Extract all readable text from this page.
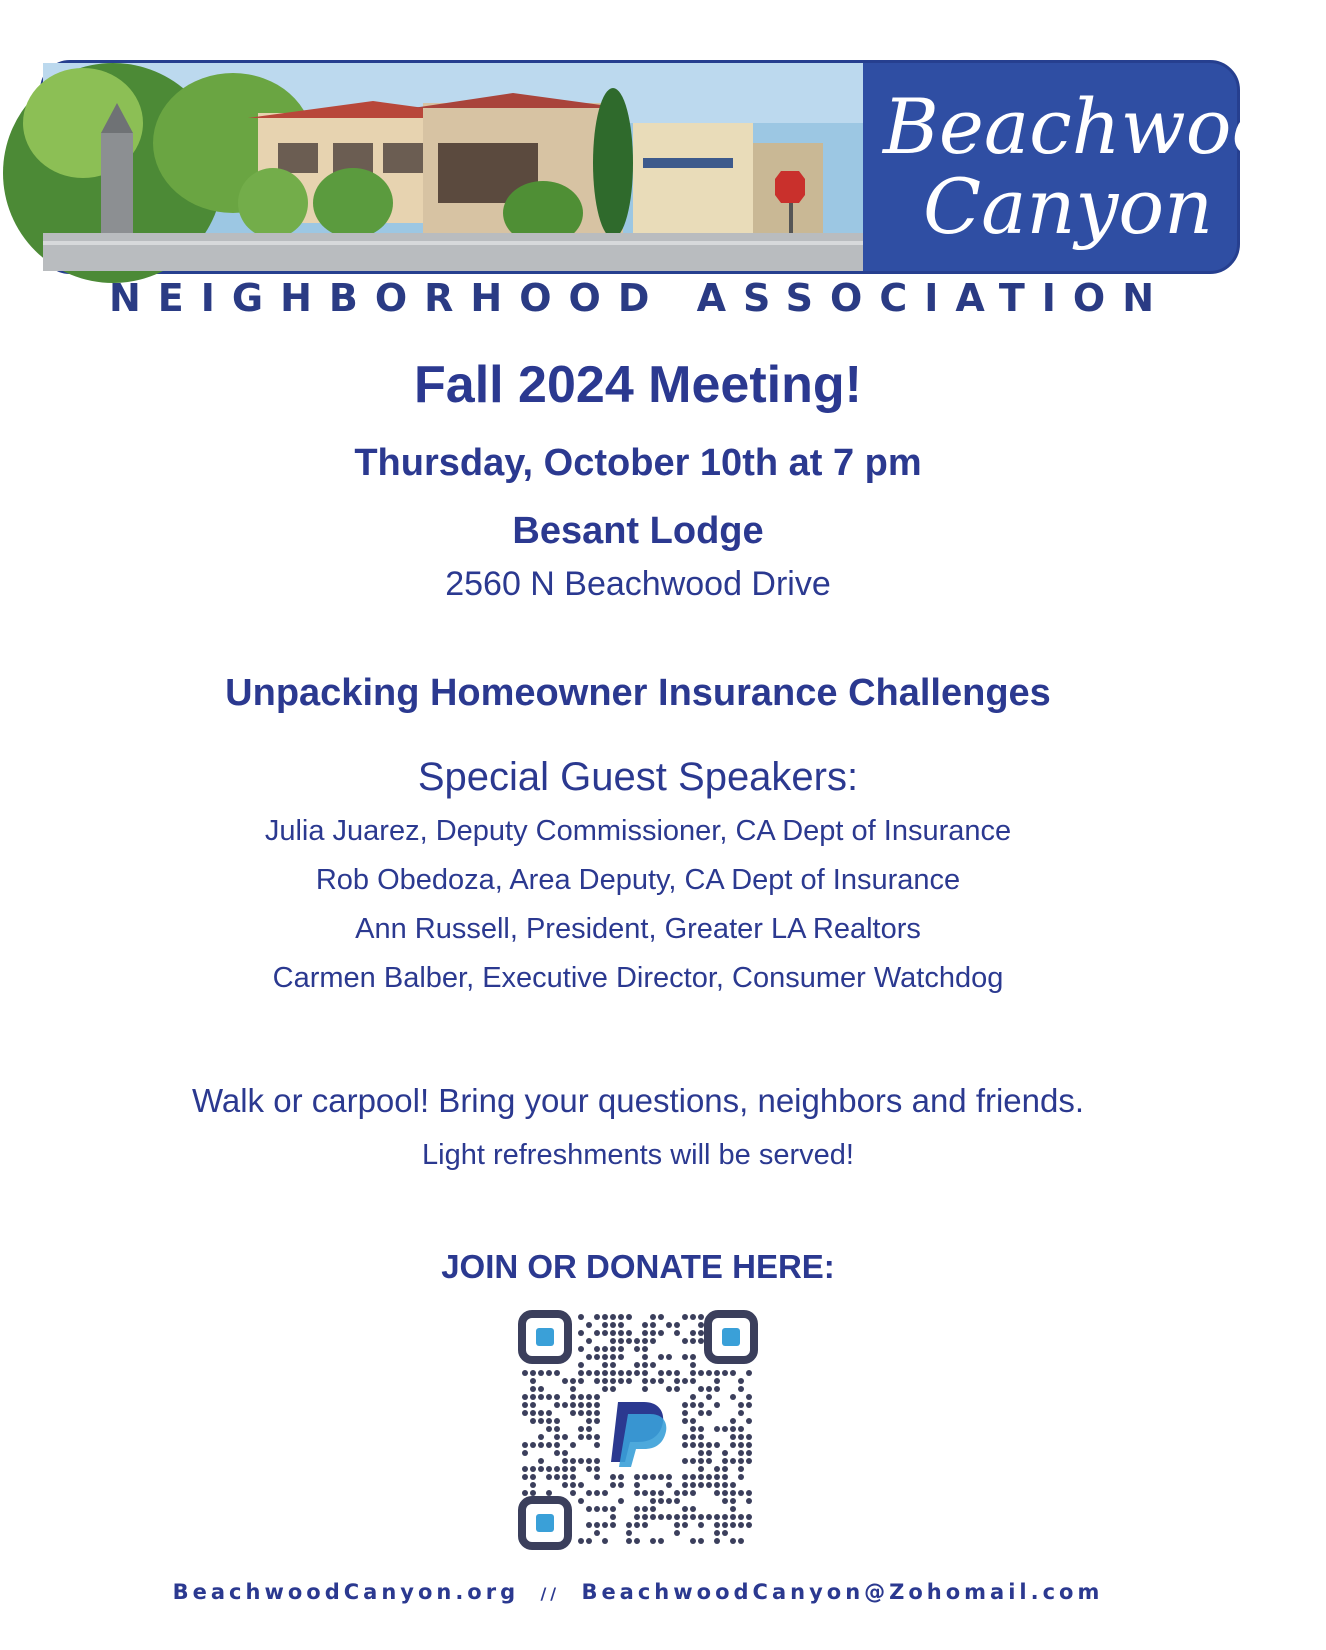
Beachwood
Canyon
NEIGHBORHOOD ASSOCIATION
Fall 2024 Meeting!
Thursday, October 10th at 7 pm
Besant Lodge
2560 N Beachwood Drive
Unpacking Homeowner Insurance Challenges
Special Guest Speakers:
Julia Juarez, Deputy Commissioner, CA Dept of Insurance
Rob Obedoza, Area Deputy, CA Dept of Insurance
Ann Russell, President, Greater LA Realtors
Carmen Balber, Executive Director, Consumer Watchdog
Walk or carpool! Bring your questions, neighbors and friends.
Light refreshments will be served!
JOIN OR DONATE HERE:
BeachwoodCanyon.org // BeachwoodCanyon@Zohomail.com
